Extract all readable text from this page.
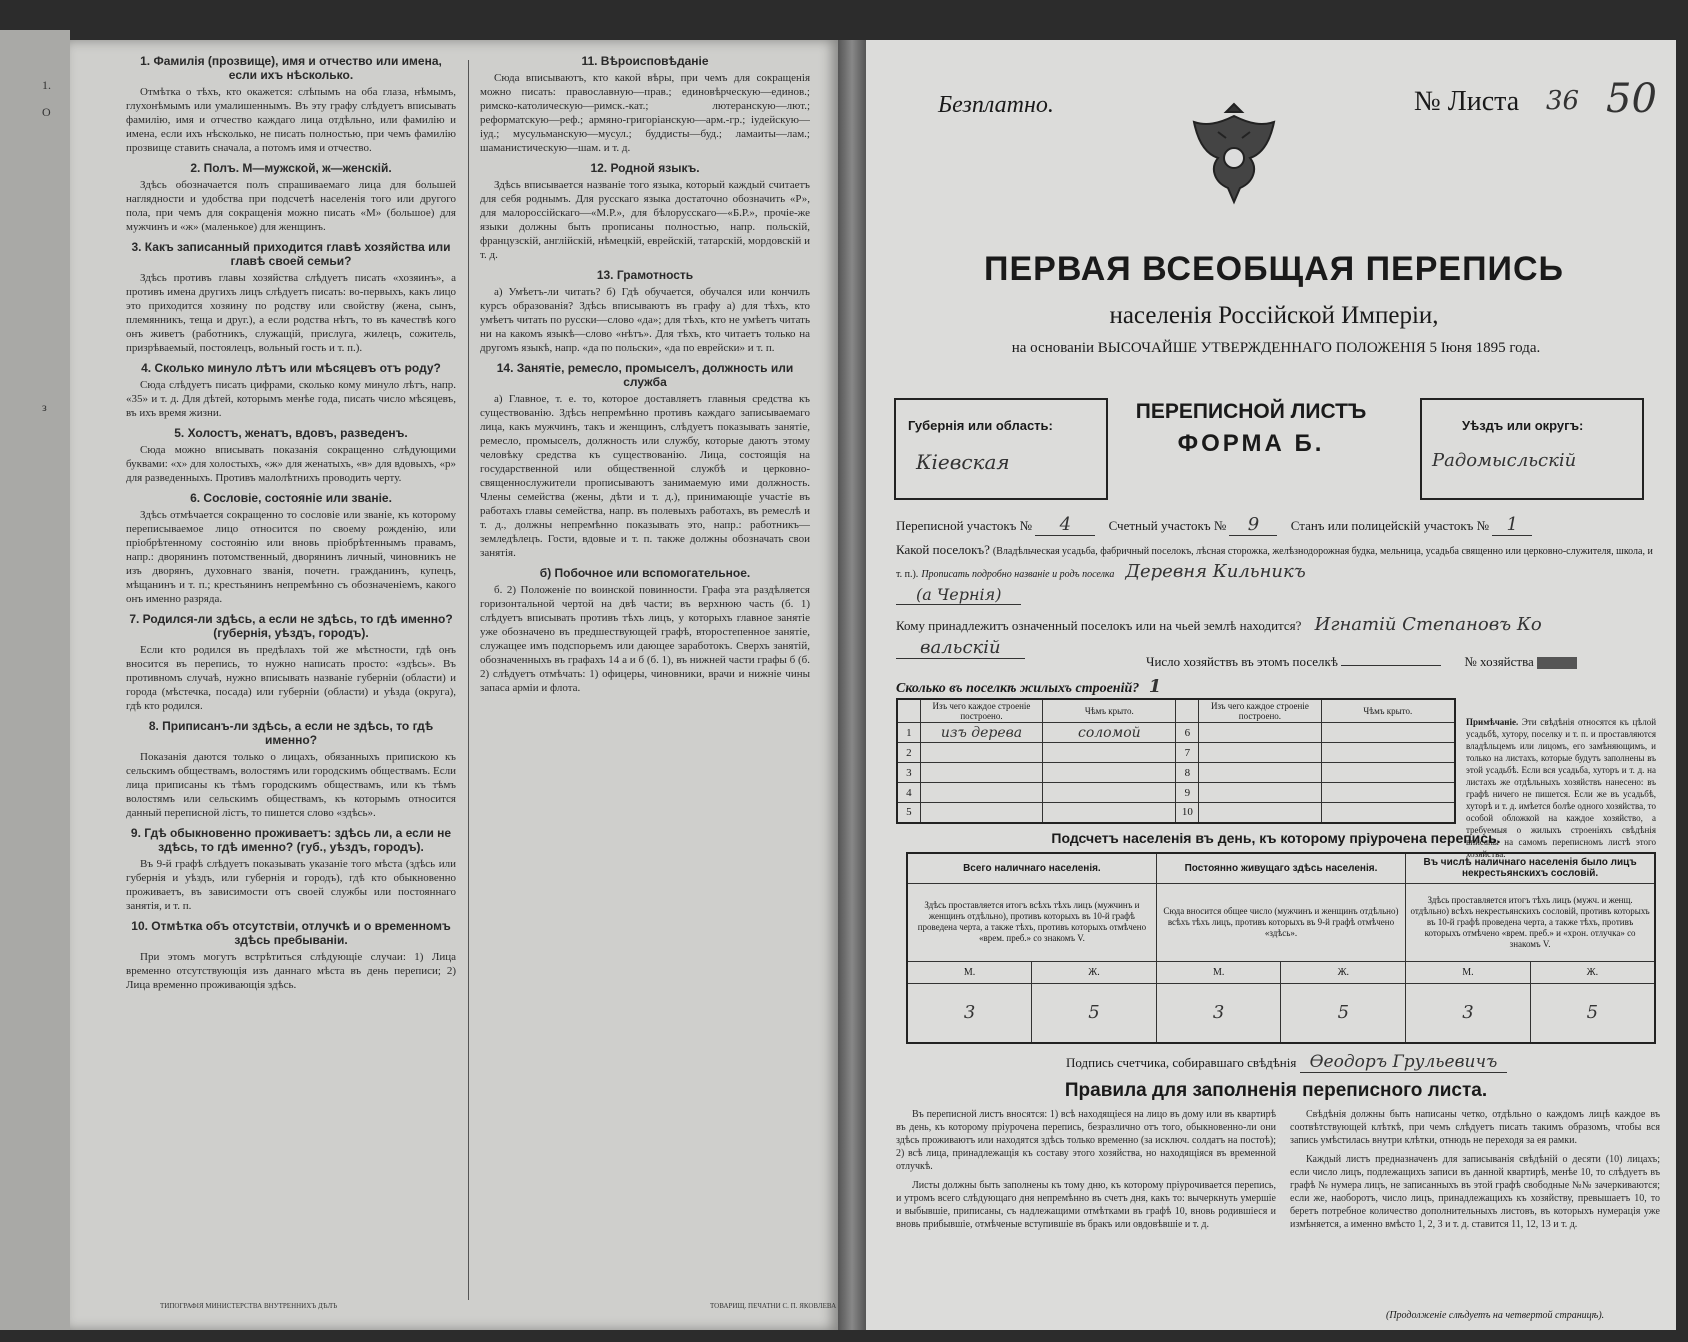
1.
О
з
1. Фамилія (прозвище), имя и отчество или имена, если ихъ нѣсколько.

Отмѣтка о тѣхъ, кто окажется: слѣпымъ на оба глаза, нѣмымъ, глухонѣмымъ или умалишеннымъ. Въ эту графу слѣдуетъ вписывать фамилію, имя и отчество каждаго лица отдѣльно, или фамилію и имена, если ихъ нѣсколько, не писать полностью, при чемъ фамилію прозвище ставить сначала, а потомъ имя и отчество.

2. Полъ. М—мужской, ж—женскій.

Здѣсь обозначается полъ спрашиваемаго лица для большей наглядности и удобства при подсчетѣ населенія того или другого пола, при чемъ для сокращенія можно писать «М» (большое) для мужчинъ и «ж» (маленькое) для женщинъ.

3. Какъ записанный приходится главѣ хозяйства или главѣ своей семьи?

Здѣсь противъ главы хозяйства слѣдуетъ писать «хозяинъ», а противъ имена другихъ лицъ слѣдуетъ писать: во-первыхъ, какъ лицо это приходится хозяину по родству или свойству (жена, сынъ, племянникъ, теща и друг.), а если родства нѣтъ, то въ качествѣ кого онъ живетъ (работникъ, служащій, прислуга, жилецъ, сожитель, призрѣваемый, постоялецъ, вольный гость и т. п.).

4. Сколько минуло лѣтъ или мѣсяцевъ отъ роду?

Сюда слѣдуетъ писать цифрами, сколько кому минуло лѣтъ, напр. «35» и т. д. Для дѣтей, которымъ менѣе года, писать число мѣсяцевъ, въ ихъ время жизни.

5. Холостъ, женатъ, вдовъ, разведенъ.

Сюда можно вписывать показанія сокращенно слѣдующими буквами: «х» для холостыхъ, «ж» для женатыхъ, «в» для вдовыхъ, «р» для разведенныхъ. Противъ малолѣтнихъ проводить черту.

6. Сословіе, состояніе или званіе.

Здѣсь отмѣчается сокращенно то сословіе или званіе, къ которому переписываемое лицо относится по своему рожденію, или пріобрѣтенному состоянію или вновь пріобрѣтеннымъ правамъ, напр.: дворянинъ потомственный, дворянинъ личный, чиновникъ не изъ дворянъ, духовнаго званія, почетн. гражданинъ, купецъ, мѣщанинъ и т. п.; крестьянинъ непремѣнно съ обозначеніемъ, какого онъ именно разряда.

7. Родился-ли здѣсь, а если не здѣсь, то гдѣ именно? (губернія, уѣздъ, городъ).

Если кто родился въ предѣлахъ той же мѣстности, гдѣ онъ вносится въ перепись, то нужно написать просто: «здѣсь». Въ противномъ случаѣ, нужно вписывать названіе губерніи (области) и города (мѣстечка, посада) или губерніи (области) и уѣзда (округа), гдѣ кто родился.

8. Приписанъ-ли здѣсь, а если не здѣсь, то гдѣ именно?

Показанія даются только о лицахъ, обязанныхъ припискою къ сельскимъ обществамъ, волостямъ или городскимъ обществамъ. Если лица приписаны къ тѣмъ городскимъ обществамъ, или къ тѣмъ волостямъ или сельскимъ обществамъ, къ которымъ относится данный переписной лістъ, то пишется слово «здѣсь».

9. Гдѣ обыкновенно проживаетъ: здѣсь ли, а если не здѣсь, то гдѣ именно? (губ., уѣздъ, городъ).

Въ 9-й графѣ слѣдуетъ показывать указаніе того мѣста (здѣсь или губернія и уѣздъ, или губернія и городъ), гдѣ кто обыкновенно проживаетъ, въ зависимости отъ своей службы или постояннаго занятія, и т. п.

10. Отмѣтка объ отсутствіи, отлучкѣ и о временномъ здѣсь пребываніи.

При этомъ могутъ встрѣтиться слѣдующіе случаи: 1) Лица временно отсутствующія изъ даннаго мѣста въ день переписи; 2) Лица временно проживающія здѣсь.

11. Вѣроисповѣданіе

Сюда вписываютъ, кто какой вѣры, при чемъ для сокращенія можно писать: православную—прав.; единовѣрческую—единов.; римско-католическую—римск.-кат.; лютеранскую—лют.; реформатскую—реф.; армяно-григоріанскую—арм.-гр.; іудейскую—іуд.; мусульманскую—мусул.; буддисты—буд.; ламаиты—лам.; шаманистическую—шам. и т. д.

12. Родной языкъ.

Здѣсь вписывается названіе того языка, который каждый считаетъ для себя роднымъ. Для русскаго языка достаточно обозначить «Р», для малороссійскаго—«М.Р.», для бѣлорусскаго—«Б.Р.», прочіе-же языки должны быть прописаны полностью, напр. польскій, французскій, англійскій, нѣмецкій, еврейскій, татарскій, мордовскій и т. д.

13. Грамотность

а) Умѣетъ-ли читать? б) Гдѣ обучается, обучался или кончилъ курсъ образованія? Здѣсь вписываютъ въ графу а) для тѣхъ, кто умѣетъ читать по русски—слово «да»; для тѣхъ, кто не умѣетъ читать ни на какомъ языкѣ—слово «нѣтъ». Для тѣхъ, кто читаетъ только на другомъ языкѣ, напр. «да по польски», «да по еврейски» и т. п.

14. Занятіе, ремесло, промыселъ, должность или служба

а) Главное, т. е. то, которое доставляетъ главныя средства къ существованію. Здѣсь непремѣнно противъ каждаго записываемаго лица, какъ мужчинъ, такъ и женщинъ, слѣдуетъ показывать занятіе, ремесло, промыселъ, должность или службу, которые даютъ этому человѣку средства къ существованію. Лица, состоящія на государственной или общественной службѣ и церковно-священнослужители прописываютъ занимаемую ими должность. Члены семейства (жены, дѣти и т. д.), принимающіе участіе въ работахъ главы семейства, напр. въ полевыхъ работахъ, въ ремеслѣ и т. д., должны непремѣнно показывать это, напр.: работникъ—земледѣлецъ. Гости, вдовые и т. п. также должны обозначать свои занятія.

б) Побочное или вспомогательное.

б. 2) Положеніе по воинской повинности. Графа эта раздѣляется горизонтальной чертой на двѣ части; въ верхнюю часть (б. 1) слѣдуетъ вписывать противъ тѣхъ лицъ, у которыхъ главное занятіе уже обозначено въ предшествующей графѣ, второстепенное занятіе, служащее имъ подспорьемъ или дающее заработокъ. Сверхъ занятій, обозначенныхъ въ графахъ 14 а и б (б. 1), въ нижней части графы б (б. 2) слѣдуетъ отмѣчать: 1) офицеры, чиновники, врачи и нижніе чины запаса арміи и флота.

ТИПОГРАФІЯ МИНИСТЕРСТВА ВНУТРЕННИХЪ ДѢЛЪ	ТОВАРИЩ. ПЕЧАТНИ С. П. ЯКОВЛЕВА
Безплатно.	№ Листа 36 50
ПЕРВАЯ ВСЕОБЩАЯ ПЕРЕПИСЬ
населенія Россійской Имперіи,
на основаніи ВЫСОЧАЙШЕ УТВЕРЖДЕННАГО ПОЛОЖЕНІЯ 5 Іюня 1895 года.
Губернія или область:
Кіевская
ПЕРЕПИСНОЙ ЛИСТЪ
ФОРМА Б.
Уѣздъ или округъ:
Радомысльскій
Переписной участокъ № 4	Счетный участокъ № 9 Станъ или полицейскій участокъ № 1
Какой поселокъ? (Владѣльческая усадьба, фабричный поселокъ, лѣсная сторожка, желѣзнодорожная будка, мельница, усадьба священно или церковно-служителя, школа, и т. п.). Прописать подробно названіе и родъ поселка Деревня Кильникъ
(а Чернія)
Кому принадлежитъ означенный поселокъ или на чьей землѣ находится? Игнатій Степановъ Ко
вальскій
Число хозяйствъ въ этомъ поселкѣ	№ хозяйства
Сколько въ поселкѣ жилыхъ строеній? 1
	Изъ чего каждое строеніе построено.	Чѣмъ крыто.		Изъ чего каждое строеніе построено.	Чѣмъ крыто.
1	изъ дерева	соломой	6		
2			7		
3			8		
4			9		
5			10		
Примѣчаніе. Эти свѣдѣнія относятся къ цѣлой усадьбѣ, хутору, поселку и т. п. и проставляются владѣльцемъ или лицомъ, его замѣняющимъ, и только на листахъ, которые будутъ заполнены въ этой усадьбѣ. Если вся усадьба, хуторъ и т. д. на листахъ же отдѣльныхъ хозяйствъ нанесено: въ графѣ ничего не пишется. Если же въ усадьбѣ, хуторѣ и т. д. имѣется болѣе одного хозяйства, то особой обложкой на каждое хозяйство, а требуемыя о жилыхъ строеніяхъ свѣдѣнія вписаны на самомъ переписномъ листѣ этого хозяйства.
Подсчетъ населенія въ день, къ которому пріурочена перепись.
Всего наличнаго населенія.		Постоянно живущаго здѣсь населенія.		Въ числѣ наличнаго населенія было лицъ некрестьянскихъ сословій.	
Здѣсь проставляется итогъ всѣхъ тѣхъ лицъ (мужчинъ и женщинъ отдѣльно), противъ которыхъ въ 10-й графѣ проведена черта, а также тѣхъ, противъ которыхъ отмѣчено «врем. преб.» со знакомъ V.		Сюда вносится общее число (мужчинъ и женщинъ отдѣльно) всѣхъ тѣхъ лицъ, противъ которыхъ въ 9-й графѣ отмѣчено «здѣсь».		Здѣсь проставляется итогъ тѣхъ лицъ (мужч. и женщ. отдѣльно) всѣхъ некрестьянскихъ сословій, противъ которыхъ въ 10-й графѣ проведена черта, а также тѣхъ, противъ которыхъ отмѣчено «врем. преб.» и «хрон. отлучка» со знакомъ V.	
М.	Ж.	М.	Ж.	М.	Ж.
3	5	3	5	3	5
Подпись счетчика, собиравшаго свѣдѣнія Өеодоръ Грульевичъ
Правила для заполненія переписного листа.

Въ переписной листъ вносятся: 1) всѣ находящіеся на лицо въ дому или въ квартирѣ въ день, къ которому пріурочена перепись, безразлично отъ того, обыкновенно-ли они здѣсь проживаютъ или находятся здѣсь только временно (за исключ. солдатъ на постоѣ); 2) всѣ лица, принадлежащія къ составу этого хозяйства, но находящіяся въ временной отлучкѣ.

Листы должны быть заполнены къ тому дню, къ которому пріурочивается перепись, и утромъ всего слѣдующаго дня непремѣнно въ счетъ дня, какъ то: вычеркнуть умершіе и выбывшіе, приписаны, съ надлежащими отмѣтками въ графѣ 10, вновь родившіеся и вновь прибывшіе, отмѣченые вступившіе въ бракъ или овдовѣвшіе и т. д.

Свѣдѣнія должны быть написаны четко, отдѣльно о каждомъ лицѣ каждое въ соотвѣтствующей клѣткѣ, при чемъ слѣдуетъ писать такимъ образомъ, чтобы вся запись умѣстилась внутри клѣтки, отнюдь не переходя за ея рамки.

Каждый листъ предназначенъ для записыванія свѣдѣній о десяти (10) лицахъ; если число лицъ, подлежащихъ записи въ данной квартирѣ, менѣе 10, то слѣдуетъ въ графѣ № нумера лицъ, не записанныхъ въ этой графѣ свободные №№ зачеркиваются; если же, наоборотъ, число лицъ, принадлежащихъ къ хозяйству, превышаетъ 10, то беретъ потребное количество дополнительныхъ листовъ, въ которыхъ нумерація уже измѣняется, а именно вмѣсто 1, 2, 3 и т. д. ставится 11, 12, 13 и т. д.

(Продолженіе слѣдуетъ на четвертой страницѣ).
